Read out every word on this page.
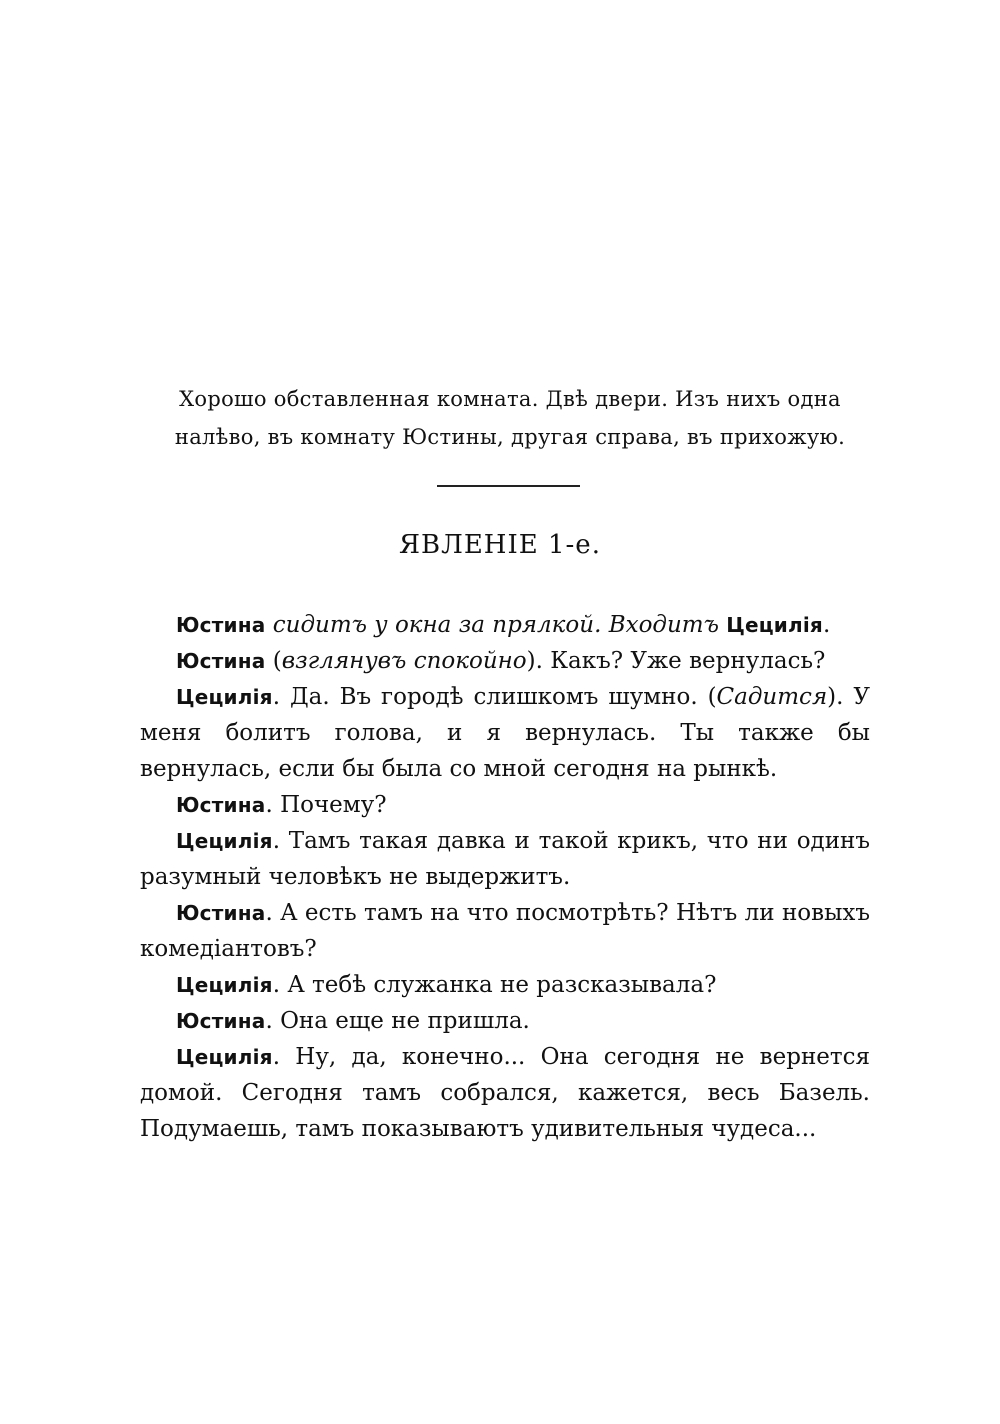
Хорошо обставленная комната. Двѣ двери. Изъ нихъ одна
налѣво, въ комнату Юстины, другая справа, въ прихожую.
ЯВЛЕНІЕ 1-е.

Юстина сидитъ у окна за прялкой. Входитъ Цецилія.

Юстина (взглянувъ спокойно). Какъ? Уже вернулась?

Цецилія. Да. Въ городѣ слишкомъ шумно. (Садится). У меня болитъ голова, и я вернулась. Ты также бы вернулась, если бы была со мной сегодня на рынкѣ.

Юстина. Почему?

Цецилія. Тамъ такая давка и такой крикъ, что ни одинъ разумный человѣкъ не выдержитъ.

Юстина. А есть тамъ на что посмотрѣть? Нѣтъ ли новыхъ комедіантовъ?

Цецилія. А тебѣ служанка не разсказывала?

Юстина. Она еще не пришла.

Цецилія. Ну, да, конечно... Она сегодня не вернется домой. Сегодня тамъ собрался, кажется, весь Базель. Подумаешь, тамъ показываютъ удивительныя чудеса...
